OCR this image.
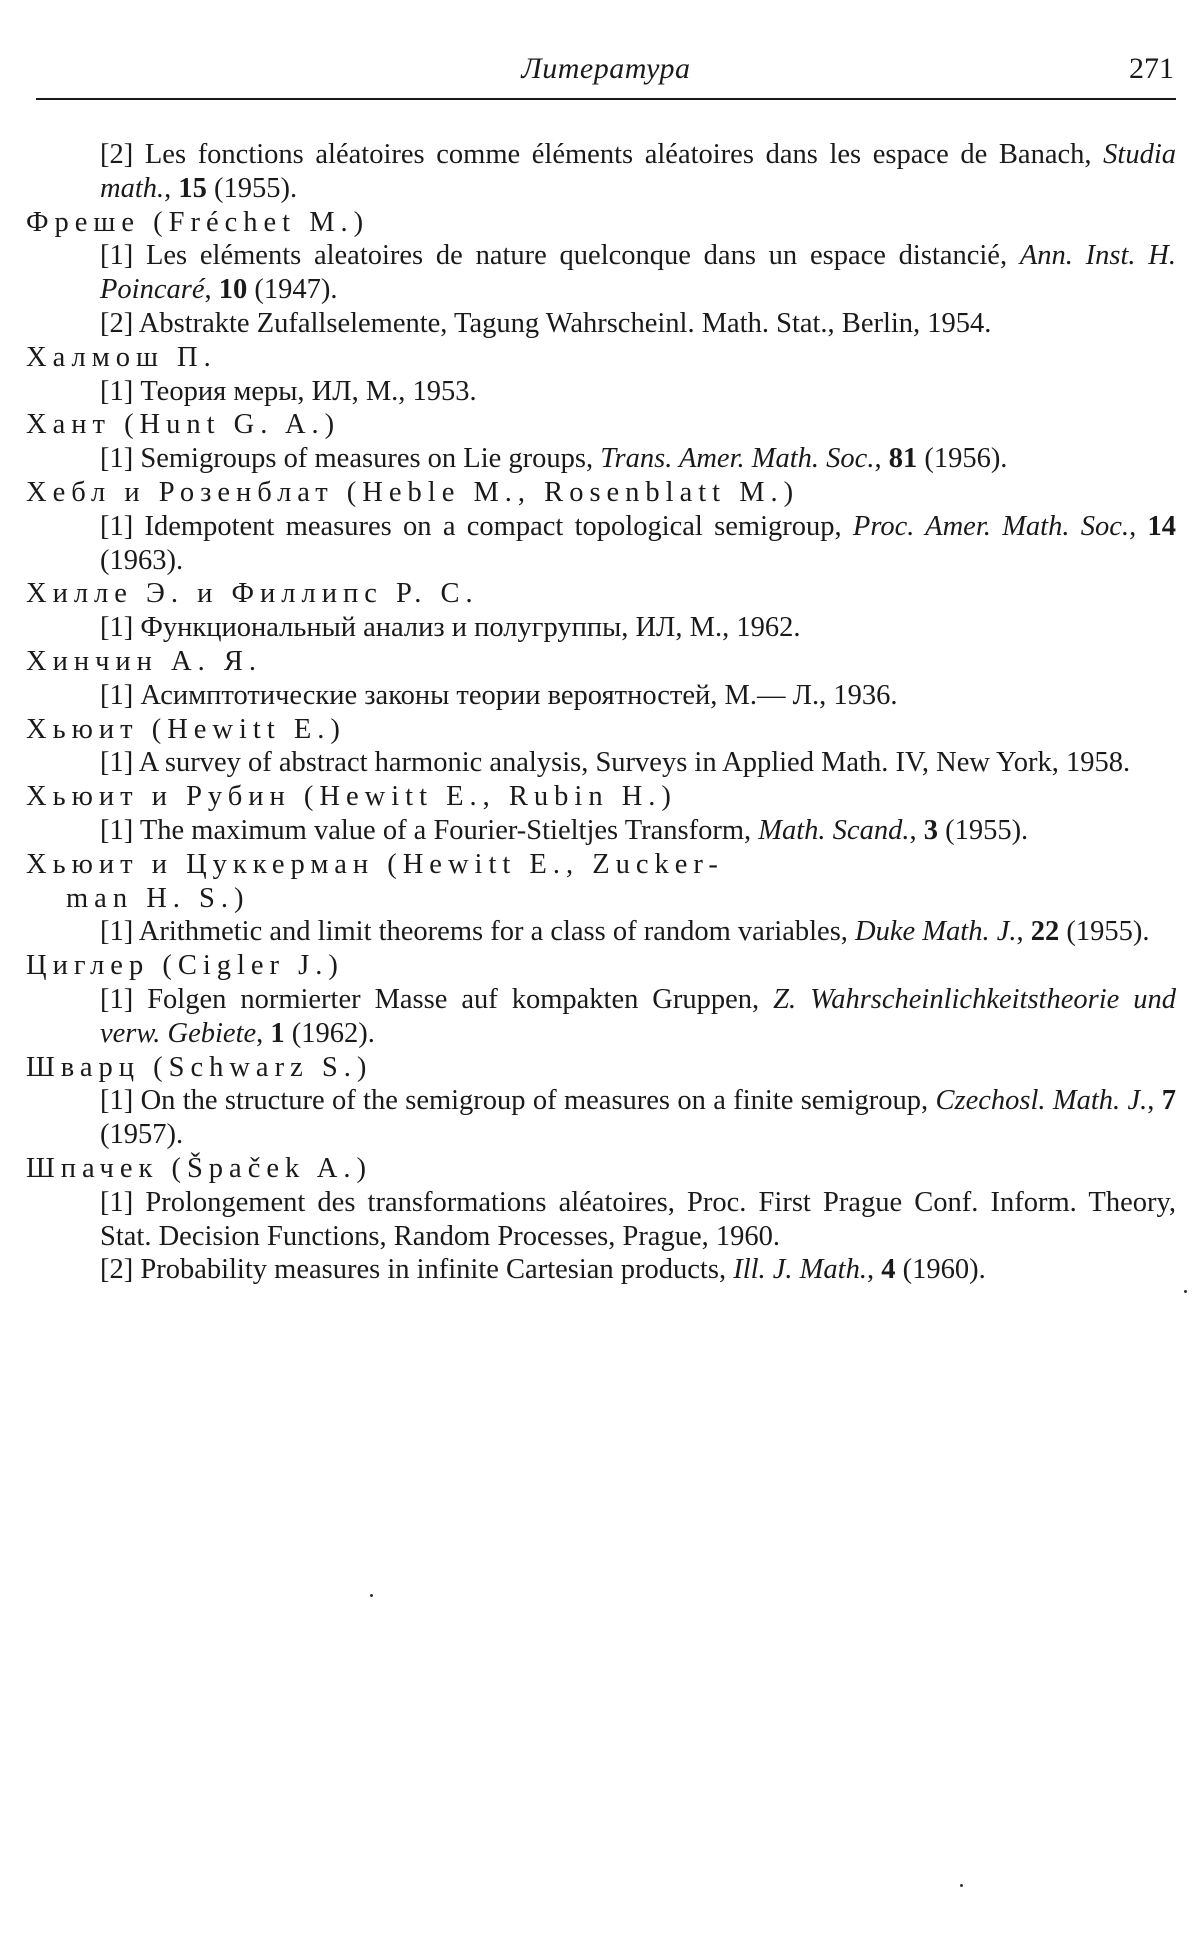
Литература	271

[2] Les fonctions aléatoires comme éléments aléatoires dans les espace de Banach, Studia math., 15 (1955).

Фреше (Fréchet M.)

[1] Les eléments aleatoires de nature quelconque dans un espace distancié, Ann. Inst. H. Poincaré, 10 (1947).

[2] Abstrakte Zufallselemente, Tagung Wahrscheinl. Math. Stat., Berlin, 1954.

Халмош П.

[1] Теория меры, ИЛ, М., 1953.

Хант (Hunt G. A.)

[1] Semigroups of measures on Lie groups, Trans. Amer. Math. Soc., 81 (1956).

Хебл и Розенблат (Heble M., Rosenblatt M.)

[1] Idempotent measures on a compact topological semigroup, Proc. Amer. Math. Soc., 14 (1963).

Хилле Э. и Филлипс Р. С.

[1] Функциональный анализ и полугруппы, ИЛ, М., 1962.

Хинчин А. Я.

[1] Асимптотические законы теории вероятностей, М.— Л., 1936.

Хьюит (Hewitt E.)

[1] A survey of abstract harmonic analysis, Surveys in Applied Math. IV, New York, 1958.

Хьюит и Рубин (Hewitt E., Rubin H.)

[1] The maximum value of a Fourier-Stieltjes Transform, Math. Scand., 3 (1955).

Хьюит и Цуккерман (Hewitt E., Zucker-

man H. S.)

[1] Arithmetic and limit theorems for a class of random variables, Duke Math. J., 22 (1955).

Циглер (Cigler J.)

[1] Folgen normierter Masse auf kompakten Gruppen, Z. Wahrscheinlichkeitstheorie und verw. Gebiete, 1 (1962).

Шварц (Schwarz S.)

[1] On the structure of the semigroup of measures on a finite semigroup, Czechosl. Math. J., 7 (1957).

Шпачек (Špaček A.)

[1] Prolongement des transformations aléatoires, Proc. First Prague Conf. Inform. Theory, Stat. Decision Functions, Random Processes, Prague, 1960.

[2] Probability measures in infinite Cartesian products, Ill. J. Math., 4 (1960).
